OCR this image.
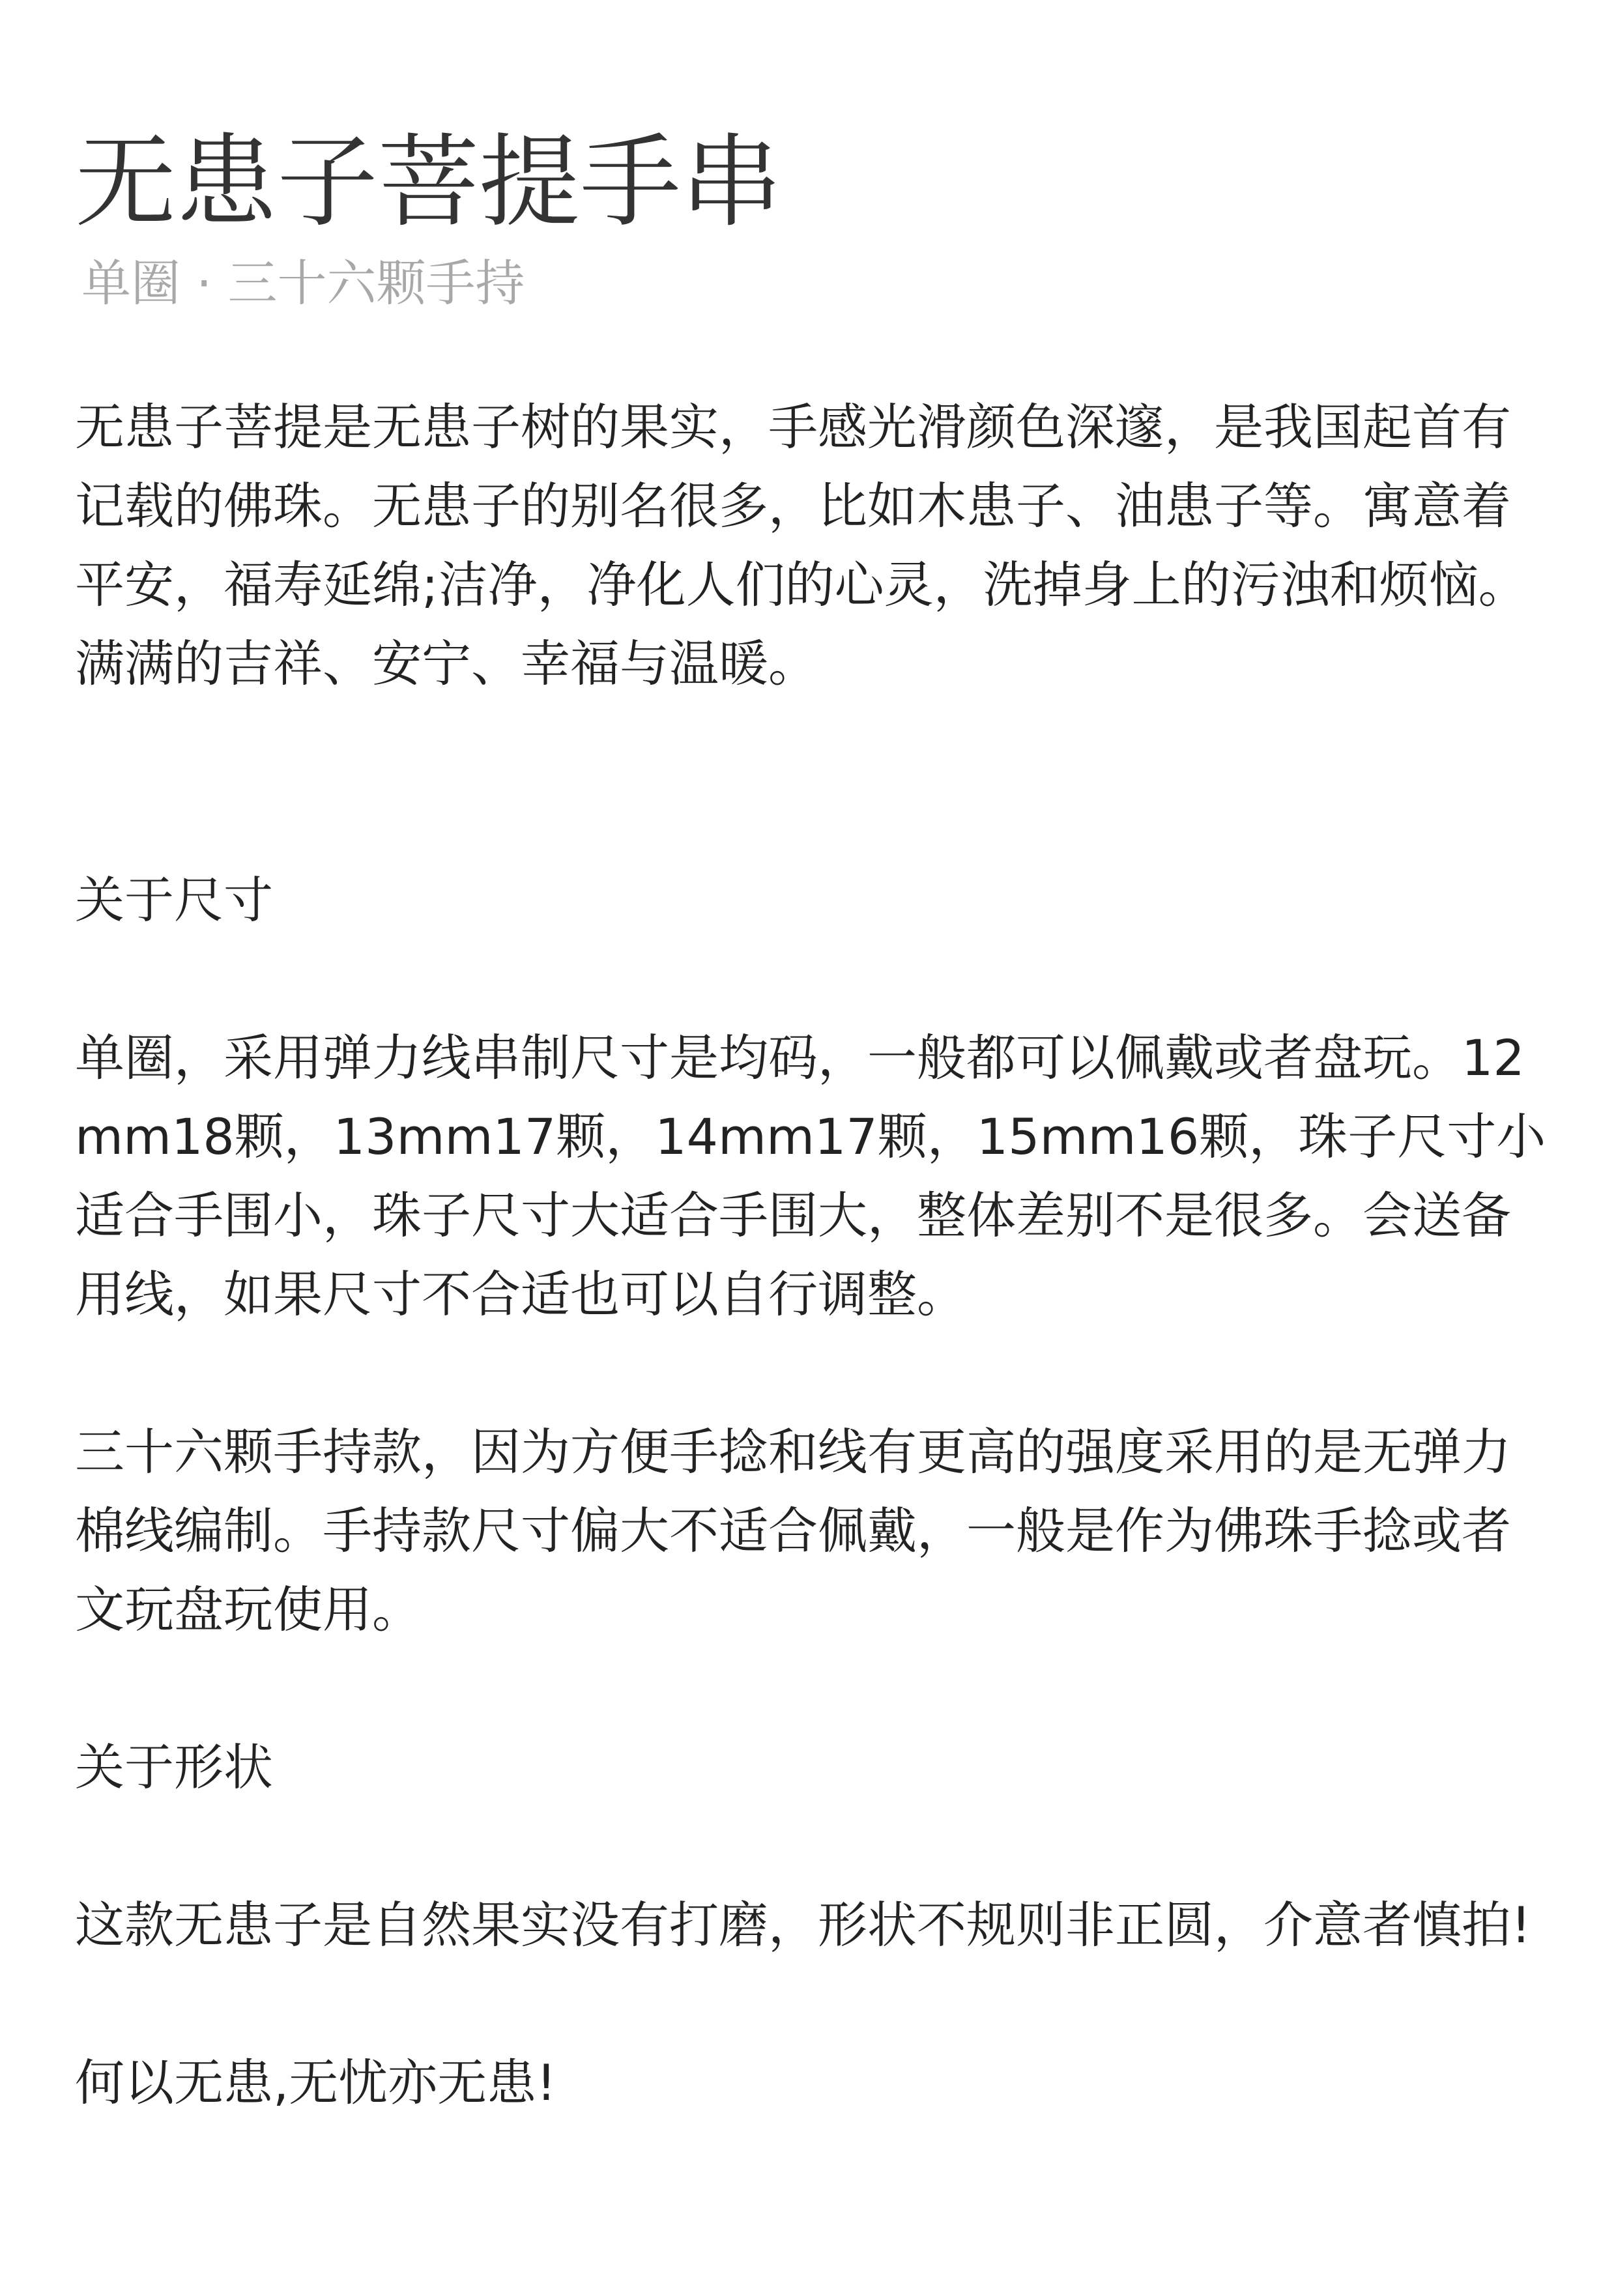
无患子菩提手串
单圈 · 三十六颗手持

无患子菩提是无患子树的果实，手感光滑颜色深邃，是我国起首有记载的佛珠。无患子的别名很多，比如木患子、油患子等。寓意着平安，福寿延绵;洁净，净化人们的心灵，洗掉身上的污浊和烦恼。满满的吉祥、安宁、幸福与温暖。

关于尺寸

单圈，采用弹力线串制尺寸是均码，一般都可以佩戴或者盘玩。12mm18颗，13mm17颗，14mm17颗，15mm16颗，珠子尺寸小适合手围小，珠子尺寸大适合手围大，整体差别不是很多。会送备用线，如果尺寸不合适也可以自行调整。

三十六颗手持款，因为方便手捻和线有更高的强度采用的是无弹力棉线编制。手持款尺寸偏大不适合佩戴，一般是作为佛珠手捻或者文玩盘玩使用。

关于形状

这款无患子是自然果实没有打磨，形状不规则非正圆，介意者慎拍!

何以无患,无忧亦无患!
